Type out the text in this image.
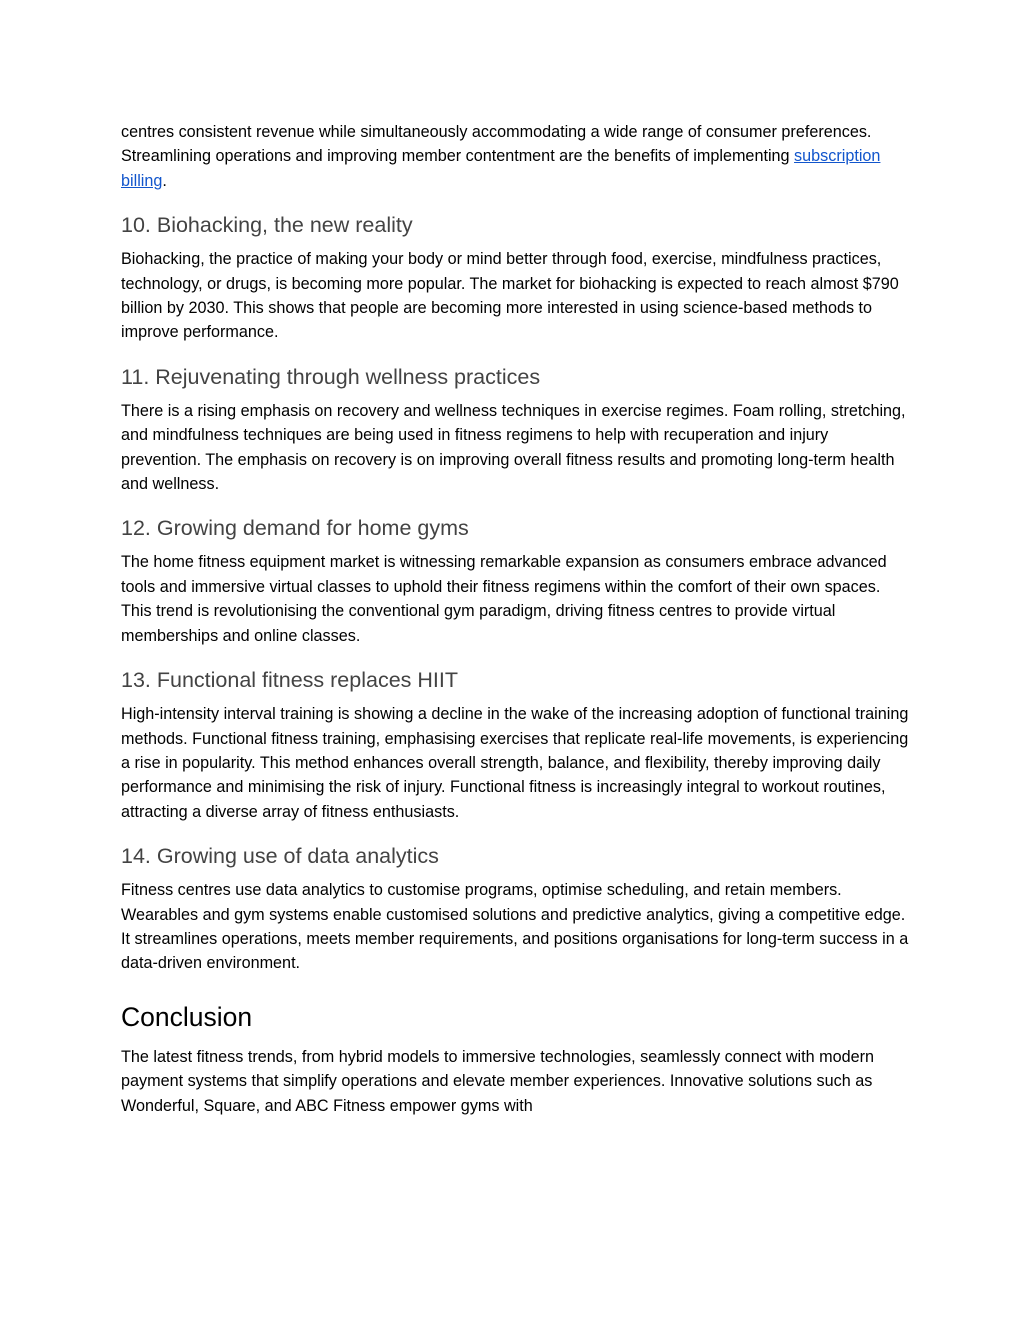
centres consistent revenue while simultaneously accommodating a wide range of consumer preferences. Streamlining operations and improving member contentment are the benefits of implementing subscription billing.

10. Biohacking, the new reality

Biohacking, the practice of making your body or mind better through food, exercise, mindfulness practices, technology, or drugs, is becoming more popular. The market for biohacking is expected to reach almost $790 billion by 2030. This shows that people are becoming more interested in using science-based methods to improve performance.

11. Rejuvenating through wellness practices

There is a rising emphasis on recovery and wellness techniques in exercise regimes. Foam rolling, stretching, and mindfulness techniques are being used in fitness regimens to help with recuperation and injury prevention. The emphasis on recovery is on improving overall fitness results and promoting long-term health and wellness.

12. Growing demand for home gyms

The home fitness equipment market is witnessing remarkable expansion as consumers embrace advanced tools and immersive virtual classes to uphold their fitness regimens within the comfort of their own spaces. This trend is revolutionising the conventional gym paradigm, driving fitness centres to provide virtual memberships and online classes.

13. Functional fitness replaces HIIT

High-intensity interval training is showing a decline in the wake of the increasing adoption of functional training methods. Functional fitness training, emphasising exercises that replicate real-life movements, is experiencing a rise in popularity. This method enhances overall strength, balance, and flexibility, thereby improving daily performance and minimising the risk of injury. Functional fitness is increasingly integral to workout routines, attracting a diverse array of fitness enthusiasts.

14. Growing use of data analytics

Fitness centres use data analytics to customise programs, optimise scheduling, and retain members. Wearables and gym systems enable customised solutions and predictive analytics, giving a competitive edge. It streamlines operations, meets member requirements, and positions organisations for long-term success in a data-driven environment.

Conclusion

The latest fitness trends, from hybrid models to immersive technologies, seamlessly connect with modern payment systems that simplify operations and elevate member experiences. Innovative solutions such as Wonderful, Square, and ABC Fitness empower gyms with
